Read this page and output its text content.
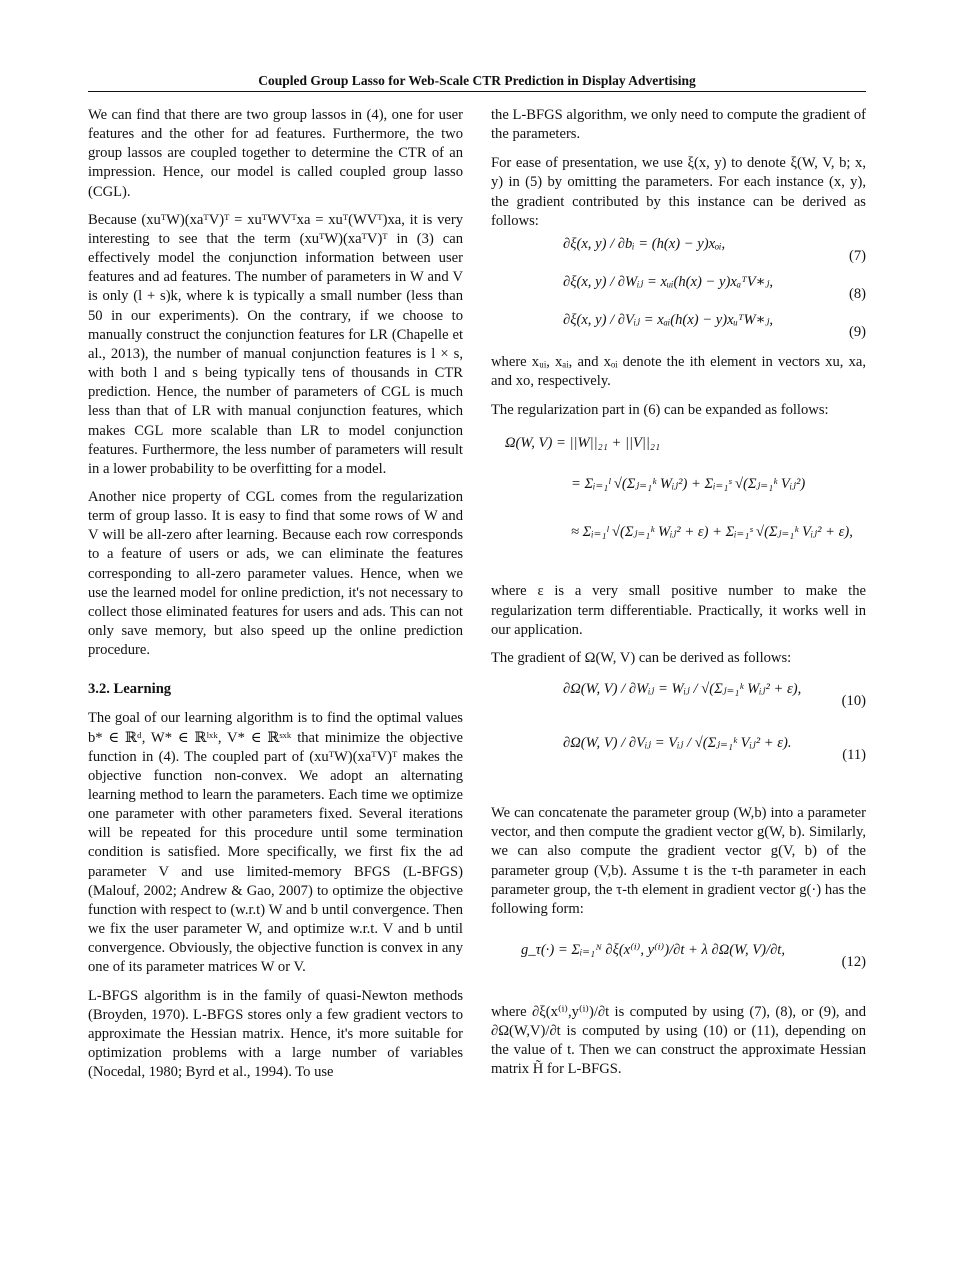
Coupled Group Lasso for Web-Scale CTR Prediction in Display Advertising

We can find that there are two group lassos in (4), one for user features and the other for ad features. Furthermore, the two group lassos are coupled together to determine the CTR of an impression. Hence, our model is called coupled group lasso (CGL).

Because (xuᵀW)(xaᵀV)ᵀ = xuᵀWVᵀxa = xuᵀ(WVᵀ)xa, it is very interesting to see that the term (xuᵀW)(xaᵀV)ᵀ in (3) can effectively model the conjunction information between user features and ad features. The number of parameters in W and V is only (l + s)k, where k is typically a small number (less than 50 in our experiments). On the contrary, if we choose to manually construct the conjunction features for LR (Chapelle et al., 2013), the number of manual conjunction features is l × s, with both l and s being typically tens of thousands in CTR prediction. Hence, the number of parameters of CGL is much less than that of LR with manual conjunction features, which makes CGL more scalable than LR to model conjunction features. Furthermore, the less number of parameters will result in a lower probability to be overfitting for a model.

Another nice property of CGL comes from the regularization term of group lasso. It is easy to find that some rows of W and V will be all-zero after learning. Because each row corresponds to a feature of users or ads, we can eliminate the features corresponding to all-zero parameter values. Hence, when we use the learned model for online prediction, it's not necessary to collect those eliminated features for users and ads. This can not only save memory, but also speed up the online prediction procedure.

3.2. Learning

The goal of our learning algorithm is to find the optimal values b* ∈ ℝᵈ, W* ∈ ℝˡˣᵏ, V* ∈ ℝˢˣᵏ that minimize the objective function in (4). The coupled part of (xuᵀW)(xaᵀV)ᵀ makes the objective function non-convex. We adopt an alternating learning method to learn the parameters. Each time we optimize one parameter with other parameters fixed. Several iterations will be repeated for this procedure until some termination condition is satisfied. More specifically, we first fix the ad parameter V and use limited-memory BFGS (L-BFGS) (Malouf, 2002; Andrew & Gao, 2007) to optimize the objective function with respect to (w.r.t) W and b until convergence. Then we fix the user parameter W, and optimize w.r.t. V and b until convergence. Obviously, the objective function is convex in any one of its parameter matrices W or V.

L-BFGS algorithm is in the family of quasi-Newton methods (Broyden, 1970). L-BFGS stores only a few gradient vectors to approximate the Hessian matrix. Hence, it's more suitable for optimization problems with a large number of variables (Nocedal, 1980; Byrd et al., 1994). To use

the L-BFGS algorithm, we only need to compute the gradient of the parameters.

For ease of presentation, we use ξ(x, y) to denote ξ(W, V, b; x, y) in (5) by omitting the parameters. For each instance (x, y), the gradient contributed by this instance can be derived as follows:

∂ξ(x, y) / ∂bᵢ = (h(x) − y)xₒᵢ,
(7)
∂ξ(x, y) / ∂Wᵢⱼ = xᵤᵢ(h(x) − y)xₐᵀV∗ⱼ,
(8)
∂ξ(x, y) / ∂Vᵢⱼ = xₐᵢ(h(x) − y)xᵤᵀW∗ⱼ,
(9)

where xᵤᵢ, xₐᵢ, and xₒᵢ denote the ith element in vectors xu, xa, and xo, respectively.

The regularization part in (6) can be expanded as follows:

Ω(W, V) = ||W||₂₁ + ||V||₂₁
= Σᵢ₌₁ˡ √(Σⱼ₌₁ᵏ Wᵢⱼ²) + Σᵢ₌₁ˢ √(Σⱼ₌₁ᵏ Vᵢⱼ²)
≈ Σᵢ₌₁ˡ √(Σⱼ₌₁ᵏ Wᵢⱼ² + ε) + Σᵢ₌₁ˢ √(Σⱼ₌₁ᵏ Vᵢⱼ² + ε),

where ε is a very small positive number to make the regularization term differentiable. Practically, it works well in our application.

The gradient of Ω(W, V) can be derived as follows:

∂Ω(W, V) / ∂Wᵢⱼ = Wᵢⱼ / √(Σⱼ₌₁ᵏ Wᵢⱼ² + ε),
(10)
∂Ω(W, V) / ∂Vᵢⱼ = Vᵢⱼ / √(Σⱼ₌₁ᵏ Vᵢⱼ² + ε).
(11)

We can concatenate the parameter group (W,b) into a parameter vector, and then compute the gradient vector g(W, b). Similarly, we can also compute the gradient vector g(V, b) of the parameter group (V,b). Assume t is the τ-th parameter in each parameter group, the τ-th element in gradient vector g(·) has the following form:

g_τ(·) = Σᵢ₌₁ᴺ ∂ξ(x⁽ⁱ⁾, y⁽ⁱ⁾)/∂t + λ ∂Ω(W, V)/∂t,
(12)

where ∂ξ(x⁽ⁱ⁾,y⁽ⁱ⁾)/∂t is computed by using (7), (8), or (9), and ∂Ω(W,V)/∂t is computed by using (10) or (11), depending on the value of t. Then we can construct the approximate Hessian matrix H̃ for L-BFGS.
